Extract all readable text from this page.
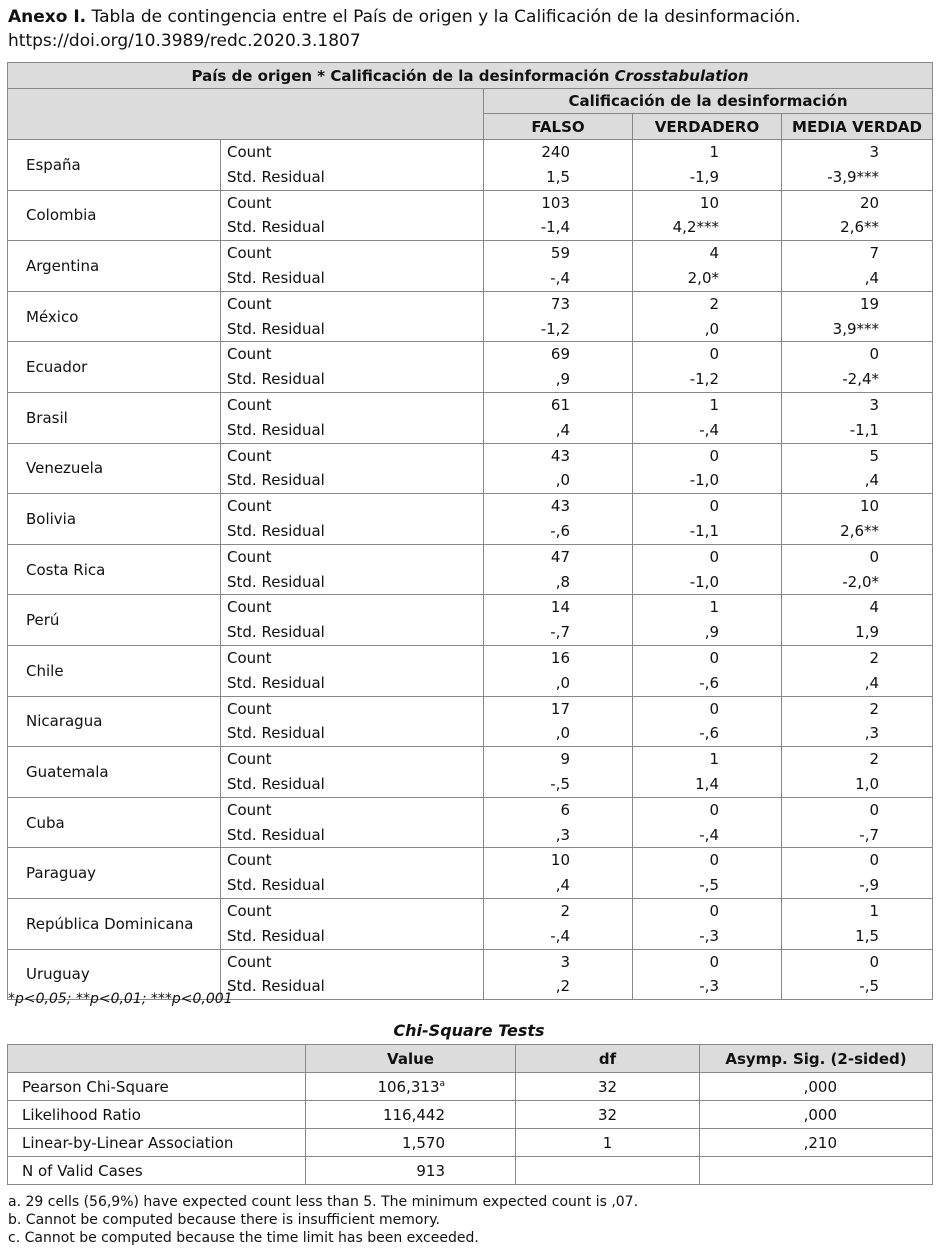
Anexo I. Tabla de contingencia entre el País de origen y la Calificación de la desinformación.
https://doi.org/10.3989/redc.2020.3.1807
País de origen * Calificación de la desinformación Crosstabulation				
		Calificación de la desinformación		
		FALSO	VERDADERO	MEDIA VERDAD
España	Count	240	1	3
	Std. Residual	1,5	-1,9	-3,9***
Colombia	Count	103	10	20
	Std. Residual	-1,4	4,2***	2,6**
Argentina	Count	59	4	7
	Std. Residual	-,4	2,0*	,4
México	Count	73	2	19
	Std. Residual	-1,2	,0	3,9***
Ecuador	Count	69	0	0
	Std. Residual	,9	-1,2	-2,4*
Brasil	Count	61	1	3
	Std. Residual	,4	-,4	-1,1
Venezuela	Count	43	0	5
	Std. Residual	,0	-1,0	,4
Bolivia	Count	43	0	10
	Std. Residual	-,6	-1,1	2,6**
Costa Rica	Count	47	0	0
	Std. Residual	,8	-1,0	-2,0*
Perú	Count	14	1	4
	Std. Residual	-,7	,9	1,9
Chile	Count	16	0	2
	Std. Residual	,0	-,6	,4
Nicaragua	Count	17	0	2
	Std. Residual	,0	-,6	,3
Guatemala	Count	9	1	2
	Std. Residual	-,5	1,4	1,0
Cuba	Count	6	0	0
	Std. Residual	,3	-,4	-,7
Paraguay	Count	10	0	0
	Std. Residual	,4	-,5	-,9
República Dominicana	Count	2	0	1
	Std. Residual	-,4	-,3	1,5
Uruguay	Count	3	0	0
	Std. Residual	,2	-,3	-,5
*p<0,05; **p<0,01; ***p<0,001
Chi-Square Tests
	Value	df	Asymp. Sig. (2-sided)
Pearson Chi-Square	106,313$^a$	32	,000
Likelihood Ratio	116,442	32	,000
Linear-by-Linear Association	1,570	1	,210
N of Valid Cases	913		
a. 29 cells (56,9%) have expected count less than 5. The minimum expected count is ,07.
b. Cannot be computed because there is insufficient memory.
c. Cannot be computed because the time limit has been exceeded.
